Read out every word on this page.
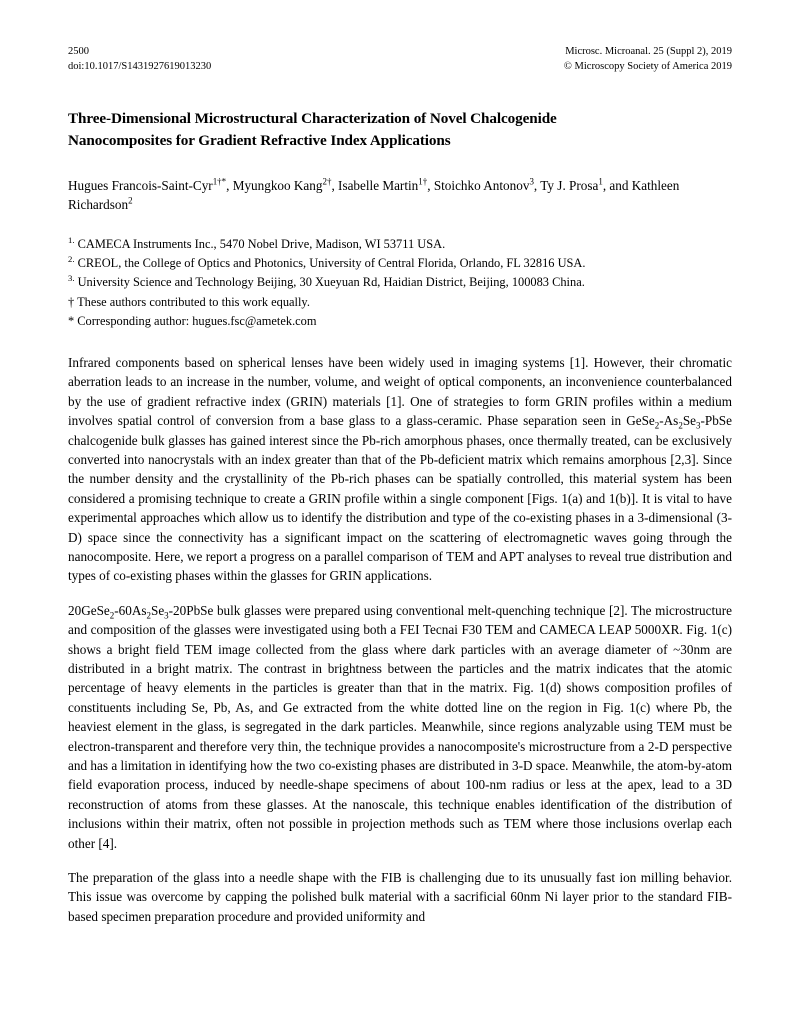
2500
doi:10.1017/S1431927619013230
Microsc. Microanal. 25 (Suppl 2), 2019
© Microscopy Society of America 2019
Three-Dimensional Microstructural Characterization of Novel Chalcogenide
Nanocomposites for Gradient Refractive Index Applications
Hugues Francois-Saint-Cyr$^{1\dagger*}$, Myungkoo Kang$^{2\dagger}$, Isabelle Martin$^{1\dagger}$, Stoichko Antonov$^3$, Ty J. Prosa$^1$, and Kathleen Richardson$^2$
$^{1.}$ CAMECA Instruments Inc., 5470 Nobel Drive, Madison, WI 53711 USA.
$^{2.}$ CREOL, the College of Optics and Photonics, University of Central Florida, Orlando, FL 32816 USA.
$^{3.}$ University Science and Technology Beijing, 30 Xueyuan Rd, Haidian District, Beijing, 100083 China.
† These authors contributed to this work equally.
* Corresponding author: hugues.fsc@ametek.com

Infrared components based on spherical lenses have been widely used in imaging systems [1]. However, their chromatic aberration leads to an increase in the number, volume, and weight of optical components, an inconvenience counterbalanced by the use of gradient refractive index (GRIN) materials [1]. One of strategies to form GRIN profiles within a medium involves spatial control of conversion from a base glass to a glass-ceramic. Phase separation seen in $GeSe_2-As_2Se_3$-PbSe chalcogenide bulk glasses has gained interest since the Pb-rich amorphous phases, once thermally treated, can be exclusively converted into nanocrystals with an index greater than that of the Pb-deficient matrix which remains amorphous [2,3]. Since the number density and the crystallinity of the Pb-rich phases can be spatially controlled, this material system has been considered a promising technique to create a GRIN profile within a single component [Figs. 1(a) and 1(b)]. It is vital to have experimental approaches which allow us to identify the distribution and type of the co-existing phases in a 3-dimensional (3-D) space since the connectivity has a significant impact on the scattering of electromagnetic waves going through the nanocomposite. Here, we report a progress on a parallel comparison of TEM and APT analyses to reveal true distribution and types of co-existing phases within the glasses for GRIN applications.

$20GeSe_2-60As_2Se_3-20PbSe$ bulk glasses were prepared using conventional melt-quenching technique [2]. The microstructure and composition of the glasses were investigated using both a FEI Tecnai F30 TEM and CAMECA LEAP 5000XR. Fig. 1(c) shows a bright field TEM image collected from the glass where dark particles with an average diameter of ~30nm are distributed in a bright matrix. The contrast in brightness between the particles and the matrix indicates that the atomic percentage of heavy elements in the particles is greater than that in the matrix. Fig. 1(d) shows composition profiles of constituents including Se, Pb, As, and Ge extracted from the white dotted line on the region in Fig. 1(c) where Pb, the heaviest element in the glass, is segregated in the dark particles. Meanwhile, since regions analyzable using TEM must be electron-transparent and therefore very thin, the technique provides a nanocomposite's microstructure from a 2-D perspective and has a limitation in identifying how the two co-existing phases are distributed in 3-D space. Meanwhile, the atom-by-atom field evaporation process, induced by needle-shape specimens of about 100-nm radius or less at the apex, lead to a 3D reconstruction of atoms from these glasses. At the nanoscale, this technique enables identification of the distribution of inclusions within their matrix, often not possible in projection methods such as TEM where those inclusions overlap each other [4].

The preparation of the glass into a needle shape with the FIB is challenging due to its unusually fast ion milling behavior. This issue was overcome by capping the polished bulk material with a sacrificial 60nm Ni layer prior to the standard FIB-based specimen preparation procedure and provided uniformity and
